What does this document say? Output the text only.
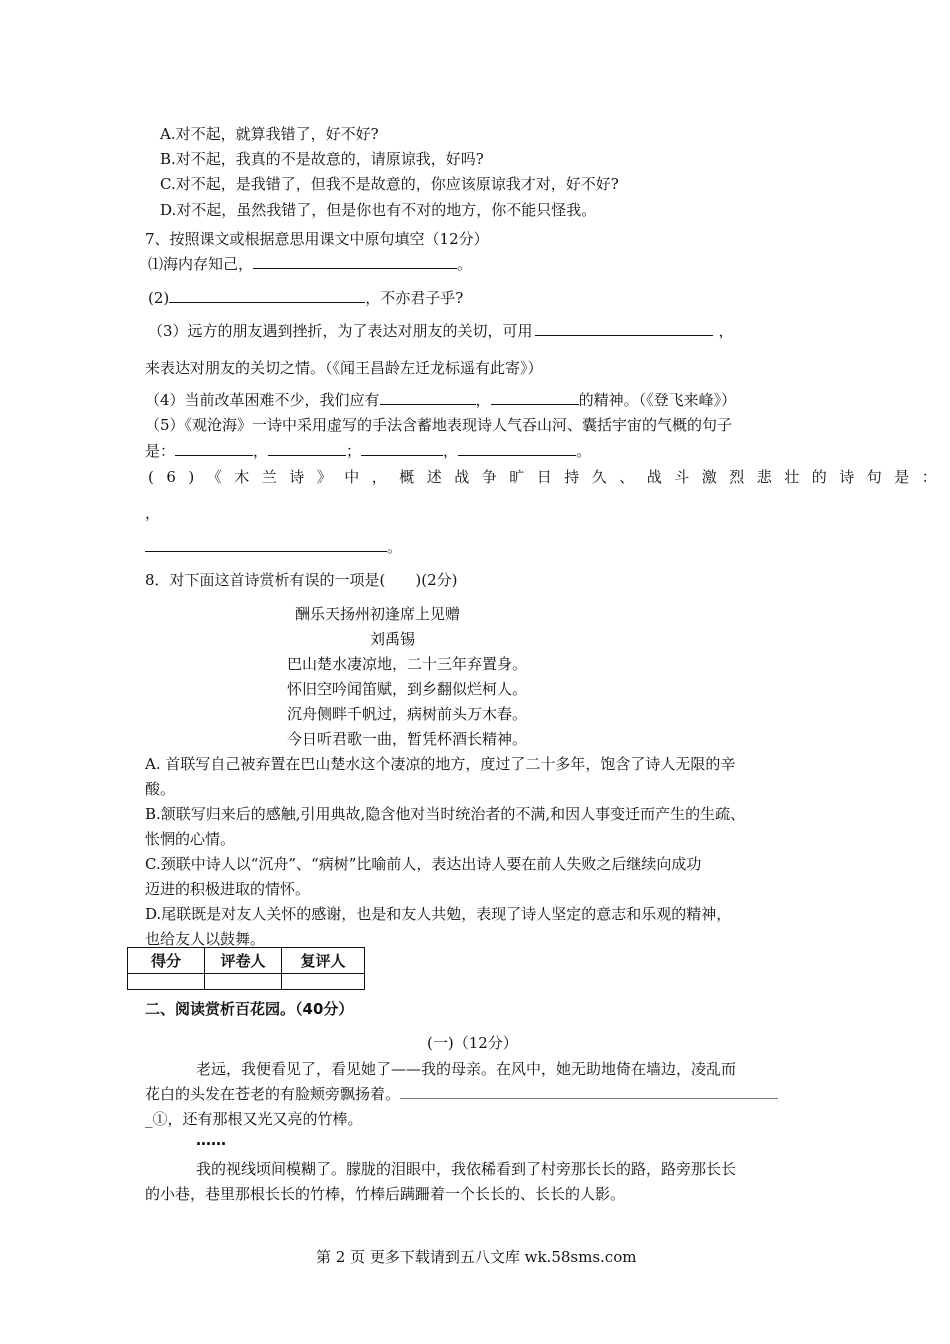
A.对不起，就算我错了，好不好?
B.对不起，我真的不是故意的，请原谅我，好吗?
C.对不起，是我错了，但我不是故意的，你应该原谅我才对，好不好?
D.对不起，虽然我错了，但是你也有不对的地方，你不能只怪我。
7、按照课文或根据意思用课文中原句填空（12分）
⑴海内存知己，	。
(2)	，不亦君子乎?
（3）远方的朋友遇到挫折，为了表达对朋友的关切，可用	，
来表达对朋友的关切之情。（《闻王昌龄左迁龙标遥有此寄》）
（4）当前改革困难不少，我们应有	，	的精神。（《登飞来峰》）
（5）《观沧海》一诗中采用虚写的手法含蓄地表现诗人气吞山河、囊括宇宙的气概的句子
是：	，	；	，	。
(6)《木兰诗》中，概述战争旷日持久、战斗激烈悲壮的诗句是：
，
。
8．对下面这首诗赏析有误的一项是(　　)(2分)
酬乐天扬州初逢席上见赠
刘禹锡
巴山楚水凄凉地，二十三年弃置身。
怀旧空吟闻笛赋，到乡翻似烂柯人。
沉舟侧畔千帆过，病树前头万木春。
今日听君歌一曲，暂凭杯酒长精神。
A. 首联写自己被弃置在巴山楚水这个凄凉的地方，度过了二十多年，饱含了诗人无限的辛
酸。
B.颔联写归来后的感触,引用典故,隐含他对当时统治者的不满,和因人事变迁而产生的生疏、
怅惘的心情。
C.颈联中诗人以“沉舟”、“病树”比喻前人，表达出诗人要在前人失败之后继续向成功
迈进的积极进取的情怀。
D.尾联既是对友人关怀的感谢，也是和友人共勉，表现了诗人坚定的意志和乐观的精神，
也给友人以鼓舞。
得分	评卷人	复评人

二、阅读赏析百花园。（40分）
(一)（12分）
老远，我便看见了，看见她了——我的母亲。在风中，她无助地倚在墙边，凌乱而
花白的头发在苍老的有脸颊旁飘扬着。
_①，还有那根又光又亮的竹棒。
……
我的视线顷间模糊了。朦胧的泪眼中，我依稀看到了村旁那长长的路，路旁那长长
的小巷，巷里那根长长的竹棒，竹棒后蹒跚着一个长长的、长长的人影。
第 2 页 更多下载请到五八文库 wk.58sms.com
